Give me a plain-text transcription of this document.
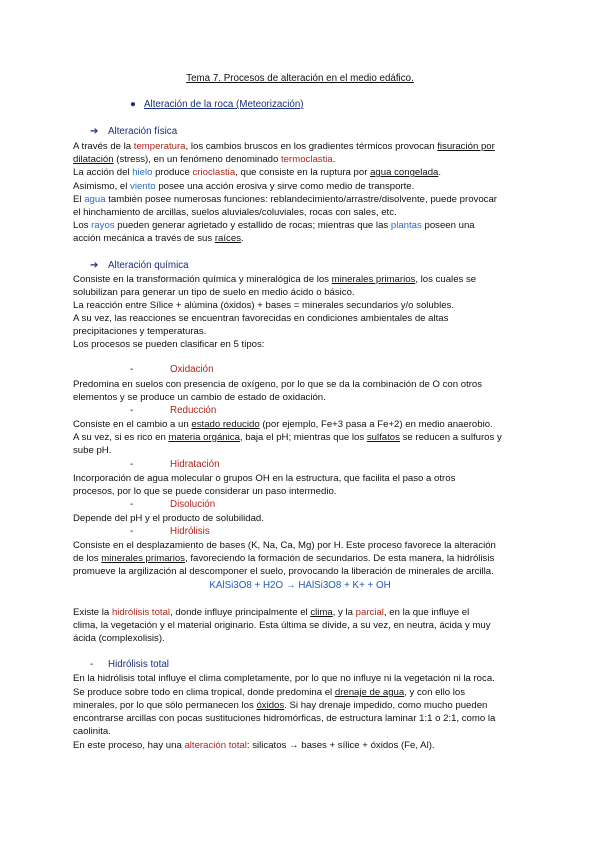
Tema 7. Procesos de alteración en el medio edáfico.
● Alteración de la roca (Meteorización)
➔ Alteración física
A través de la temperatura, los cambios bruscos en los gradientes térmicos provocan fisuración por
dilatación (stress), en un fenómeno denominado termoclastia.
La acción del hielo produce crioclastia, que consiste en la ruptura por agua congelada.
Asimismo, el viento posee una acción erosiva y sirve como medio de transporte.
El agua también posee numerosas funciones: reblandecimiento/arrastre/disolvente, puede provocar
el hinchamiento de arcillas, suelos aluviales/coluviales, rocas con sales, etc.
Los rayos pueden generar agrietado y estallido de rocas; mientras que las plantas poseen una
acción mecánica a través de sus raíces.
➔ Alteración química
Consiste en la transformación química y mineralógica de los minerales primarios, los cuales se
solubilizan para generar un tipo de suelo en medio ácido o básico.
La reacción entre Sílice + alúmina (óxidos) + bases = minerales secundarios y/o solubles.
A su vez, las reacciones se encuentran favorecidas en condiciones ambientales de altas
precipitaciones y temperaturas.
Los procesos se pueden clasificar en 5 tipos:
-	Oxidación
Predomina en suelos con presencia de oxígeno, por lo que se da la combinación de O con otros
elementos y se produce un cambio de estado de oxidación.
-	Reducción
Consiste en el cambio a un estado reducido (por ejemplo, Fe+3 pasa a Fe+2) en medio anaerobio.
A su vez, si es rico en materia orgánica, baja el pH; mientras que los sulfatos se reducen a sulfuros y
sube pH.
-	Hidratación
Incorporación de agua molecular o grupos OH en la estructura, que facilita el paso a otros
procesos, por lo que se puede considerar un paso intermedio.
-	Disolución
Depende del pH y el producto de solubilidad.
-	Hidrólisis
Consiste en el desplazamiento de bases (K, Na, Ca, Mg) por H. Este proceso favorece la alteración
de los minerales primarios, favoreciendo la formación de secundarios. De esta manera, la hidrólisis
promueve la argilización al descomponer el suelo, provocando la liberación de minerales de arcilla.
KAlSi3O8 + H2O → HAlSi3O8 + K+ + OH
Existe la hidrólisis total, donde influye principalmente el clima, y la parcial, en la que influye el
clima, la vegetación y el material originario. Esta última se divide, a su vez, en neutra, ácida y muy
ácida (complexolisis).
- Hidrólisis total
En la hidrólisis total influye el clima completamente, por lo que no influye ni la vegetación ni la roca.
Se produce sobre todo en clima tropical, donde predomina el drenaje de agua, y con ello los
minerales, por lo que sólo permanecen los óxidos. Si hay drenaje impedido, como mucho pueden
encontrarse arcillas con pocas sustituciones hidromórficas, de estructura laminar 1:1 o 2:1, como la
caolinita.
En este proceso, hay una alteración total: silicatos → bases + sílice + óxidos (Fe, Al).
